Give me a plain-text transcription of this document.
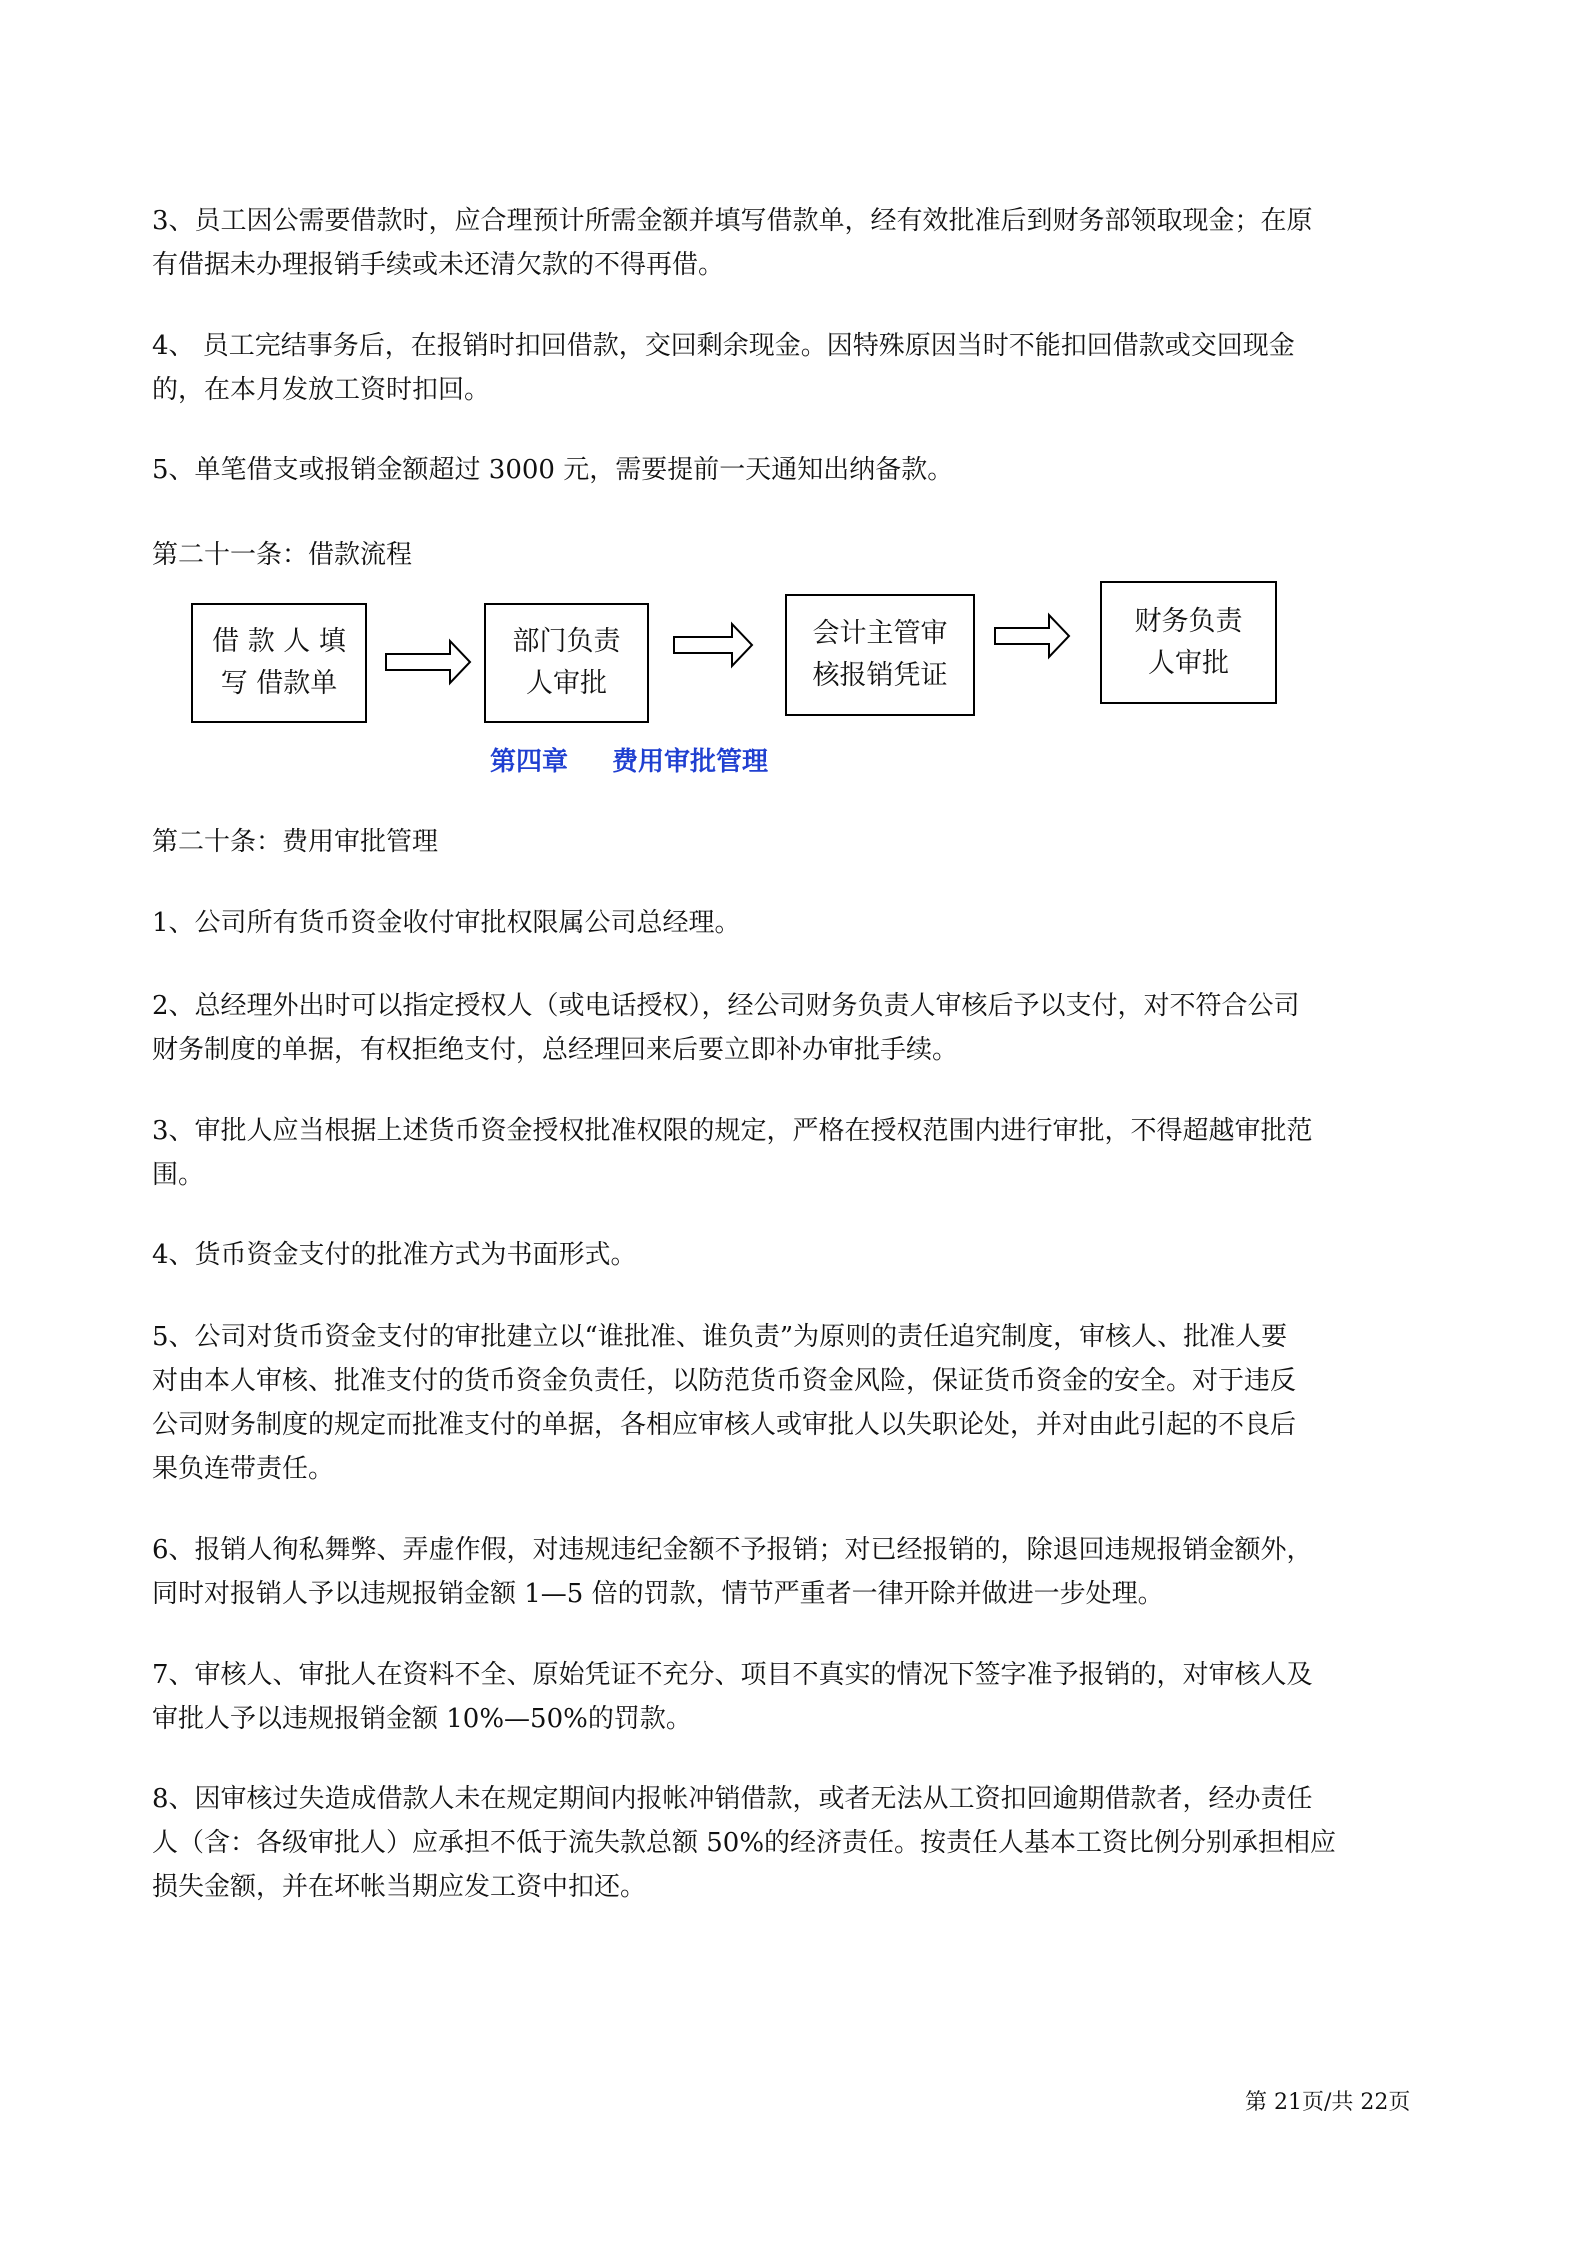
3、员工因公需要借款时，应合理预计所需金额并填写借款单，经有效批准后到财务部领取现金；在原
有借据未办理报销手续或未还清欠款的不得再借。

4、 员工完结事务后，在报销时扣回借款，交回剩余现金。因特殊原因当时不能扣回借款或交回现金
的，在本月发放工资时扣回。

5、单笔借支或报销金额超过 3000 元，需要提前一天通知出纳备款。

第二十一条：借款流程

借 款 人 填
写 借款单
部门负责
人审批
会计主管审
核报销凭证
财务负责
人审批
第四章 费用审批管理

第二十条：费用审批管理

1、公司所有货币资金收付审批权限属公司总经理。

2、总经理外出时可以指定授权人（或电话授权），经公司财务负责人审核后予以支付，对不符合公司
财务制度的单据，有权拒绝支付，总经理回来后要立即补办审批手续。

3、审批人应当根据上述货币资金授权批准权限的规定，严格在授权范围内进行审批，不得超越审批范
围。

4、货币资金支付的批准方式为书面形式。

5、公司对货币资金支付的审批建立以“谁批准、谁负责”为原则的责任追究制度，审核人、批准人要
对由本人审核、批准支付的货币资金负责任，以防范货币资金风险，保证货币资金的安全。对于违反
公司财务制度的规定而批准支付的单据，各相应审核人或审批人以失职论处，并对由此引起的不良后
果负连带责任。

6、报销人徇私舞弊、弄虚作假，对违规违纪金额不予报销；对已经报销的，除退回违规报销金额外，
同时对报销人予以违规报销金额 1—5 倍的罚款，情节严重者一律开除并做进一步处理。

7、审核人、审批人在资料不全、原始凭证不充分、项目不真实的情况下签字准予报销的，对审核人及
审批人予以违规报销金额 10%—50%的罚款。

8、因审核过失造成借款人未在规定期间内报帐冲销借款，或者无法从工资扣回逾期借款者，经办责任
人（含：各级审批人）应承担不低于流失款总额 50%的经济责任。按责任人基本工资比例分别承担相应
损失金额，并在坏帐当期应发工资中扣还。

第 21页/共 22页
